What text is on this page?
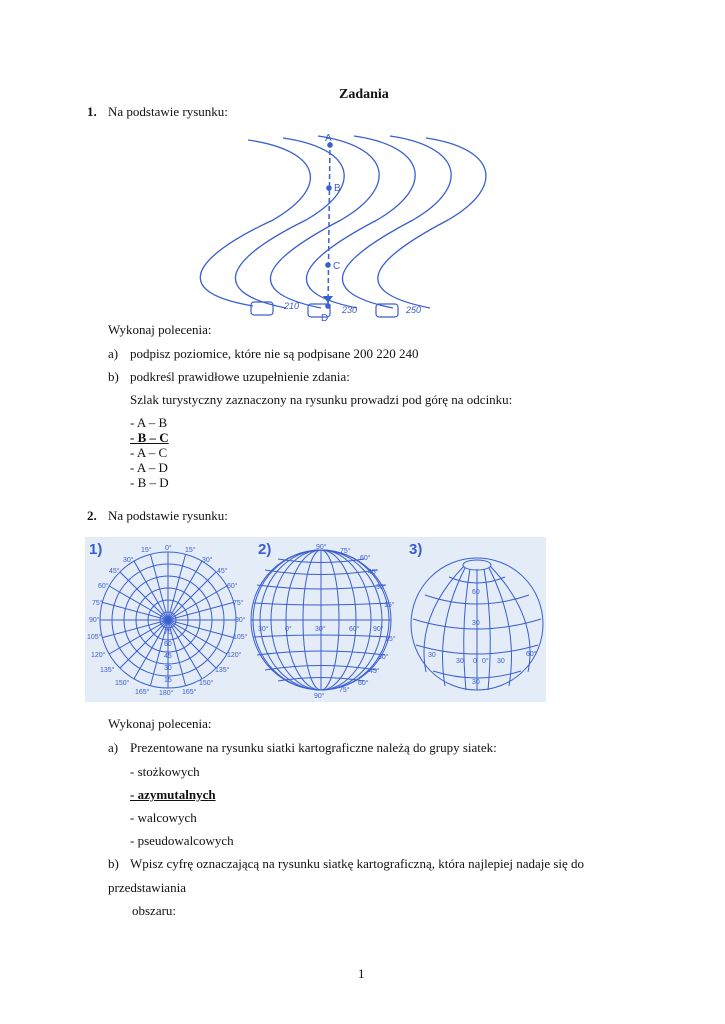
Zadania
1. Na podstawie rysunku:
A
B
C
D
210	230	250
Wykonaj polecenia:
a) podpisz poziomice, które nie są podpisane 200 220 240
b) podkreśl prawidłowe uzupełnienie zdania:
Szlak turystyczny zaznaczony na rysunku prowadzi pod górę na odcinku:
- A – B
- B – C
- A – C
- A – D
- B – D
2. Na podstawie rysunku:
1)	2)	3)
15° 0° 15°
30°	30°
45°	45°
60°	60°
75°	75°
90°	90°
105°	105°
120°	120°
135°	135°
150°	150°
165° 180° 165°
75
60
45
30
15
90°
75°
60°
45°
30°
15°
30° 0°	30°	60° 90°
15°
30°
45°
60°
75°
90°
60
30
0
30
30	0° 30
60°
30
Wykonaj polecenia:
a) Prezentowane na rysunku siatki kartograficzne należą do grupy siatek:
- stożkowych
- azymutalnych
- walcowych
- pseudowalcowych
b) Wpisz cyfrę oznaczającą na rysunku siatkę kartograficzną, która najlepiej nadaje się do
przedstawiania
obszaru:
1
